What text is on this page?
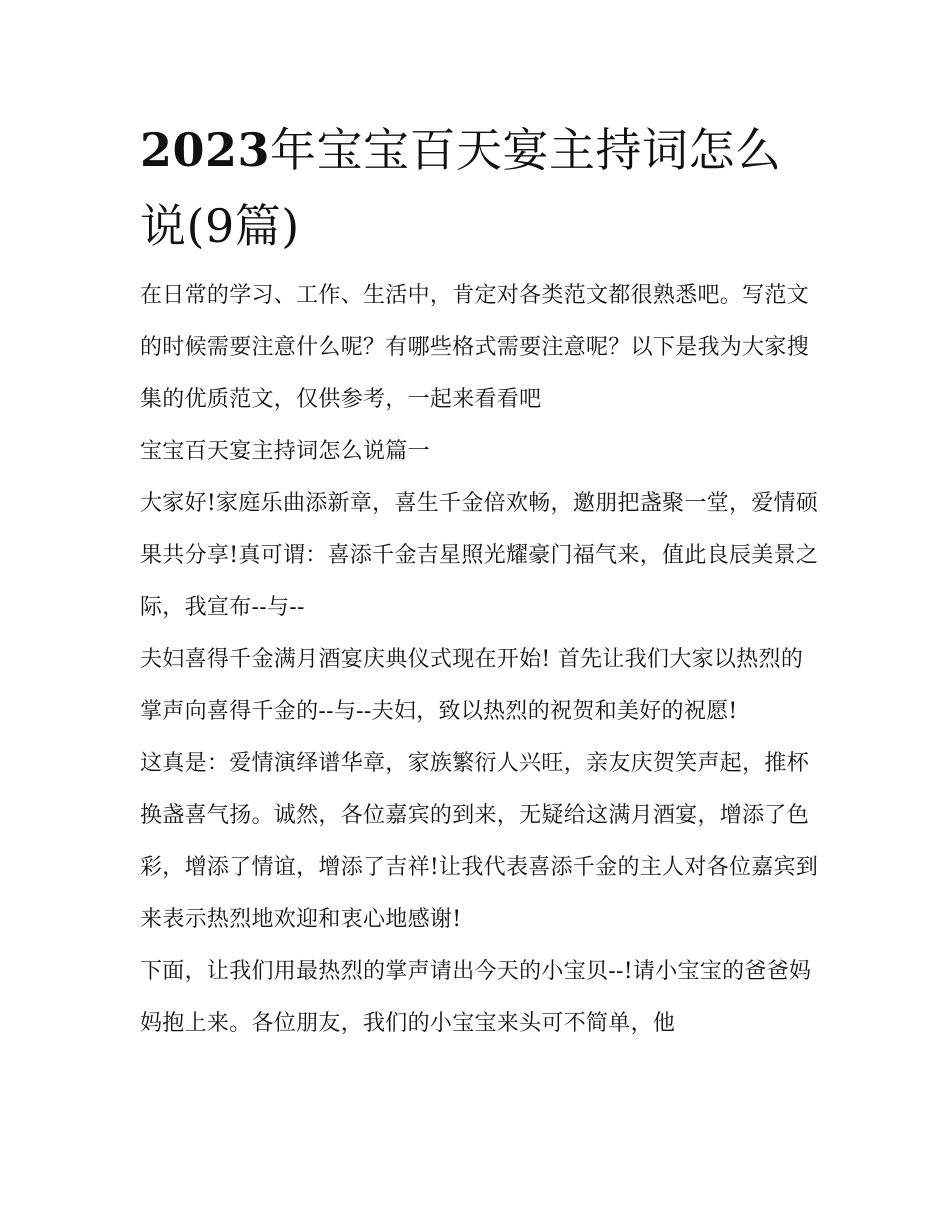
2023年宝宝百天宴主持词怎么说(9篇)

在日常的学习、工作、生活中，肯定对各类范文都很熟悉吧。写范文的时候需要注意什么呢？有哪些格式需要注意呢？以下是我为大家搜集的优质范文，仅供参考，一起来看看吧

宝宝百天宴主持词怎么说篇一

大家好!家庭乐曲添新章，喜生千金倍欢畅，邀朋把盏聚一堂，爱情硕果共分享!真可谓：喜添千金吉星照光耀豪门福气来，值此良辰美景之际，我宣布--与--

夫妇喜得千金满月酒宴庆典仪式现在开始! 首先让我们大家以热烈的掌声向喜得千金的--与--夫妇，致以热烈的祝贺和美好的祝愿!

这真是：爱情演绎谱华章，家族繁衍人兴旺，亲友庆贺笑声起，推杯换盏喜气扬。诚然，各位嘉宾的到来，无疑给这满月酒宴，增添了色彩，增添了情谊，增添了吉祥!让我代表喜添千金的主人对各位嘉宾到来表示热烈地欢迎和衷心地感谢!

下面，让我们用最热烈的掌声请出今天的小宝贝--!请小宝宝的爸爸妈妈抱上来。各位朋友，我们的小宝宝来头可不简单，他
